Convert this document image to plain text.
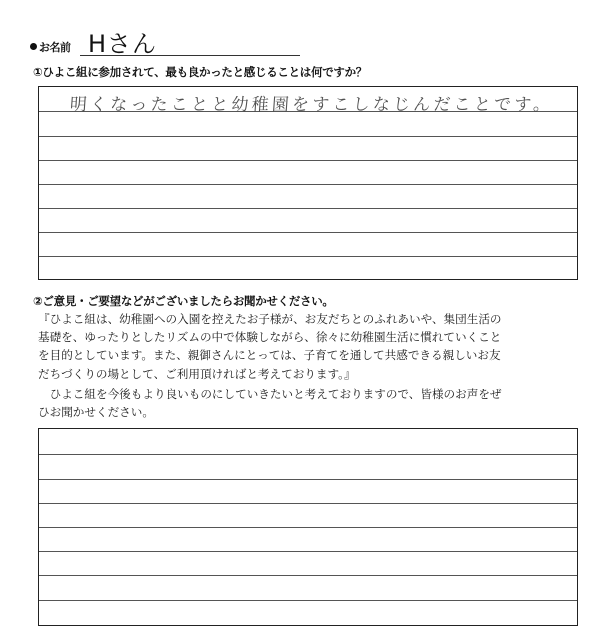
お名前 Hさん
①ひよこ組に参加されて、最も良かったと感じることは何ですか？
明くなったことと幼稚園をすこしなじんだことです。
②ご意見・ご要望などがございましたらお聞かせください。

『ひよこ組は、幼稚園への入園を控えたお子様が、お友だちとのふれあいや、集団生活の

基礎を、ゆったりとしたリズムの中で体験しながら、徐々に幼稚園生活に慣れていくこと

を目的としています。また、親御さんにとっては、子育てを通して共感できる親しいお友

だちづくりの場として、ご利用頂ければと考えております。』

　ひよこ組を今後もより良いものにしていきたいと考えておりますので、皆様のお声をぜ

ひお聞かせください。
